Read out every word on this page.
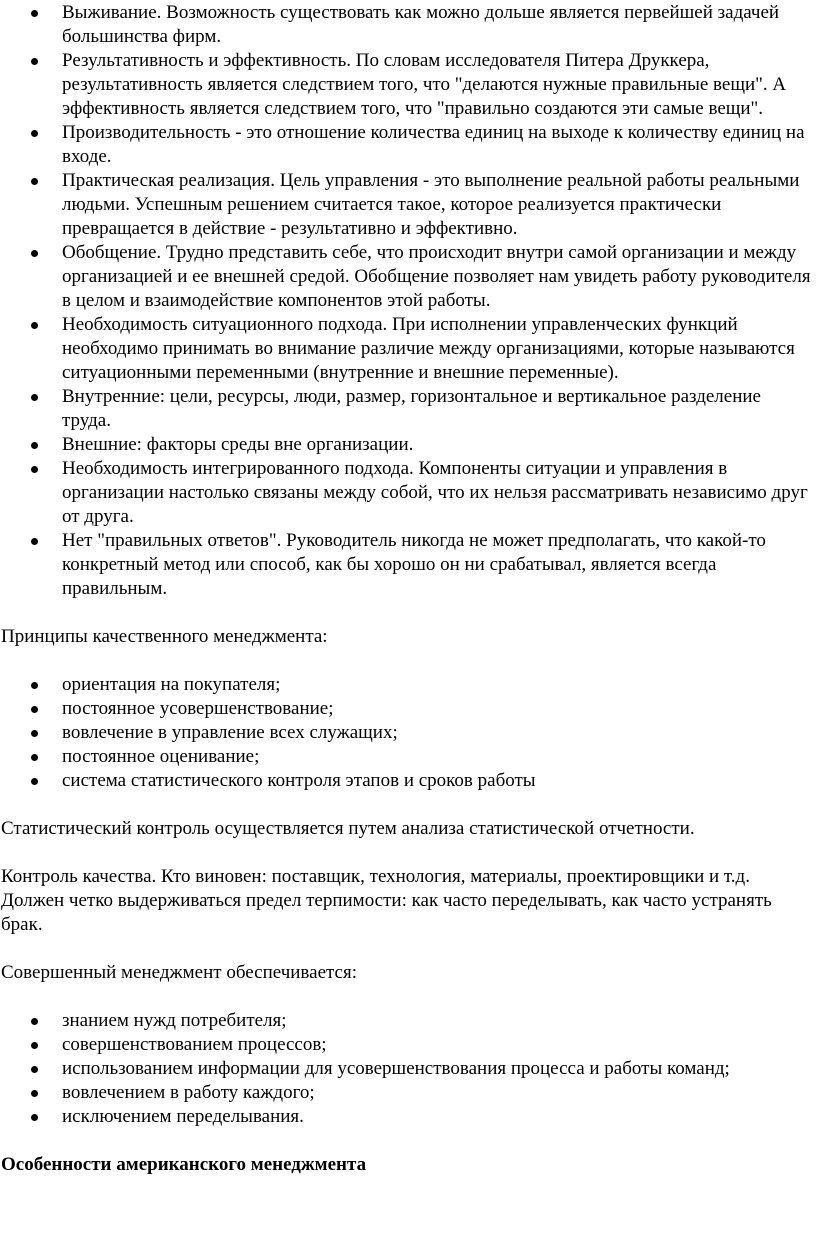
Выживание. Возможность существовать как можно дольше является первейшей задачей большинства фирм.
Результативность и эффективность. По словам исследователя Питера Друккера, результативность является следствием того, что "делаются нужные правильные вещи". А эффективность является следствием того, что "правильно создаются эти самые вещи".
Производительность - это отношение количества единиц на выходе к количеству единиц на входе.
Практическая реализация. Цель управления - это выполнение реальной работы реальными людьми. Успешным решением считается такое, которое реализуется практически превращается в действие - результативно и эффективно.
Обобщение. Трудно представить себе, что происходит внутри самой организации и между организацией и ее внешней средой. Обобщение позволяет нам увидеть работу руководителя в целом и взаимодействие компонентов этой работы.
Необходимость ситуационного подхода. При исполнении управленческих функций необходимо принимать во внимание различие между организациями, которые называются ситуационными переменными (внутренние и внешние переменные).
Внутренние: цели, ресурсы, люди, размер, горизонтальное и вертикальное разделение труда.
Внешние: факторы среды вне организации.
Необходимость интегрированного подхода. Компоненты ситуации и управления в организации настолько связаны между собой, что их нельзя рассматривать независимо друг от друга.
Нет "правильных ответов". Руководитель никогда не может предполагать, что какой-то конкретный метод или способ, как бы хорошо он ни срабатывал, является всегда правильным.

Принципы качественного менеджмента:

ориентация на покупателя;
постоянное усовершенствование;
вовлечение в управление всех служащих;
постоянное оценивание;
система статистического контроля этапов и сроков работы

Статистический контроль осуществляется путем анализа статистической отчетности.

Контроль качества. Кто виновен: поставщик, технология, материалы, проектировщики и т.д. Должен четко выдерживаться предел терпимости: как часто переделывать, как часто устранять брак.

Совершенный менеджмент обеспечивается:

знанием нужд потребителя;
совершенствованием процессов;
использованием информации для усовершенствования процесса и работы команд;
вовлечением в работу каждого;
исключением переделывания.

Особенности американского менеджмента
